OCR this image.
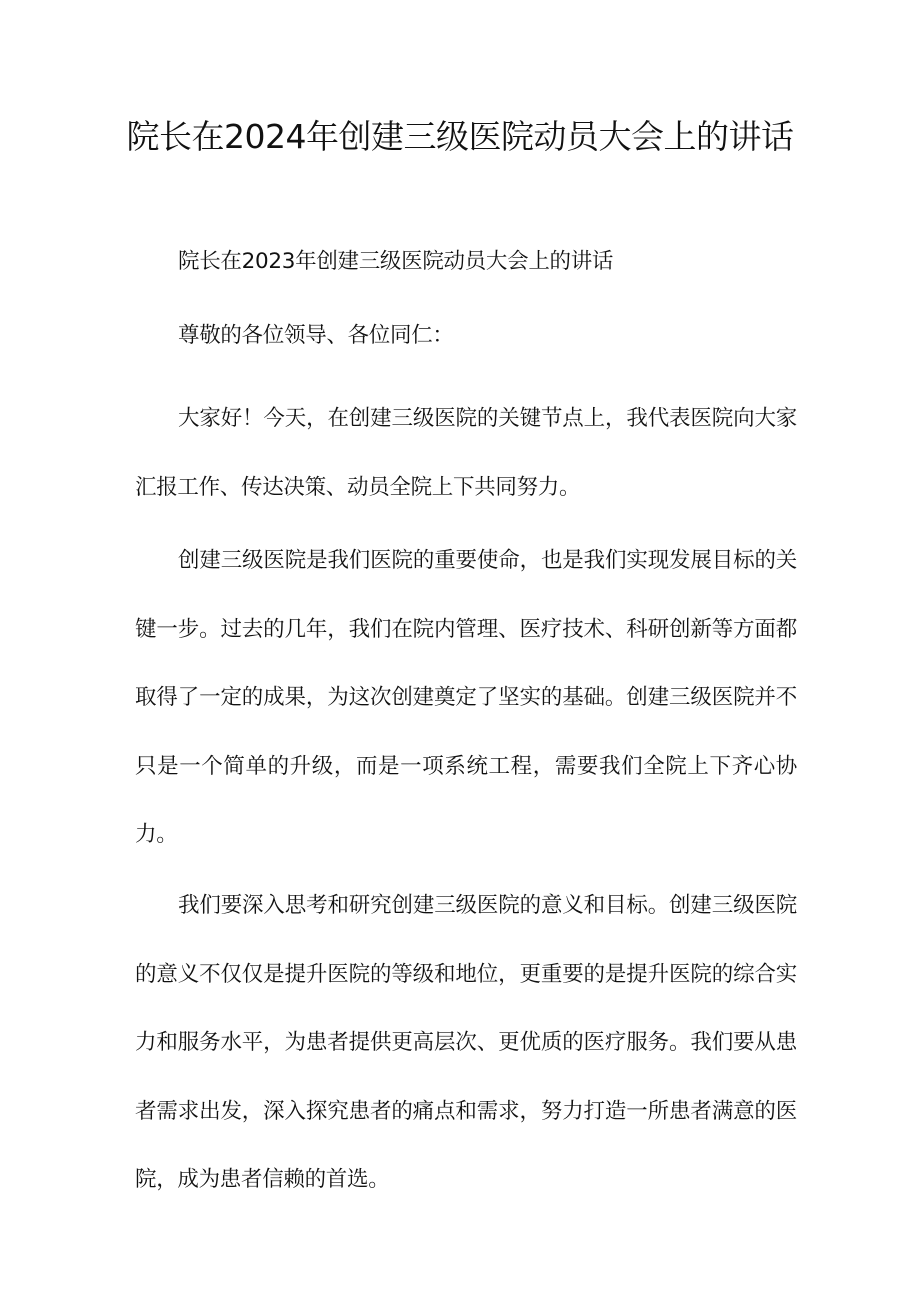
院长在2024年创建三级医院动员大会上的讲话

院长在2023年创建三级医院动员大会上的讲话

尊敬的各位领导、各位同仁：

大家好！今天，在创建三级医院的关键节点上，我代表医院向大家汇报工作、传达决策、动员全院上下共同努力。

创建三级医院是我们医院的重要使命，也是我们实现发展目标的关键一步。过去的几年，我们在院内管理、医疗技术、科研创新等方面都取得了一定的成果，为这次创建奠定了坚实的基础。创建三级医院并不只是一个简单的升级，而是一项系统工程，需要我们全院上下齐心协力。

我们要深入思考和研究创建三级医院的意义和目标。创建三级医院的意义不仅仅是提升医院的等级和地位，更重要的是提升医院的综合实力和服务水平，为患者提供更高层次、更优质的医疗服务。我们要从患者需求出发，深入探究患者的痛点和需求，努力打造一所患者满意的医院，成为患者信赖的首选。
